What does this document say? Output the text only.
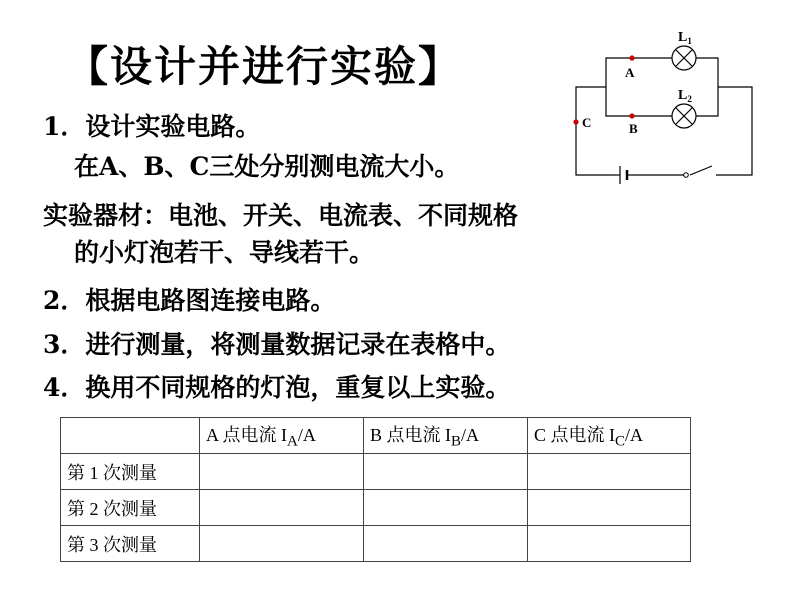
【设计并进行实验】
1．设计实验电路。
在A、B、C三处分别测电流大小。
实验器材：电池、开关、电流表、不同规格
的小灯泡若干、导线若干。
2．根据电路图连接电路。
3．进行测量，将测量数据记录在表格中。
4．换用不同规格的灯泡，重复以上实验。
A
B
C
$L_1$
$L_2$
	A 点电流 $I_A/A$	B 点电流 $I_B/A$	C 点电流 $I_C/A$
第 1 次测量			
第 2 次测量			
第 3 次测量			
